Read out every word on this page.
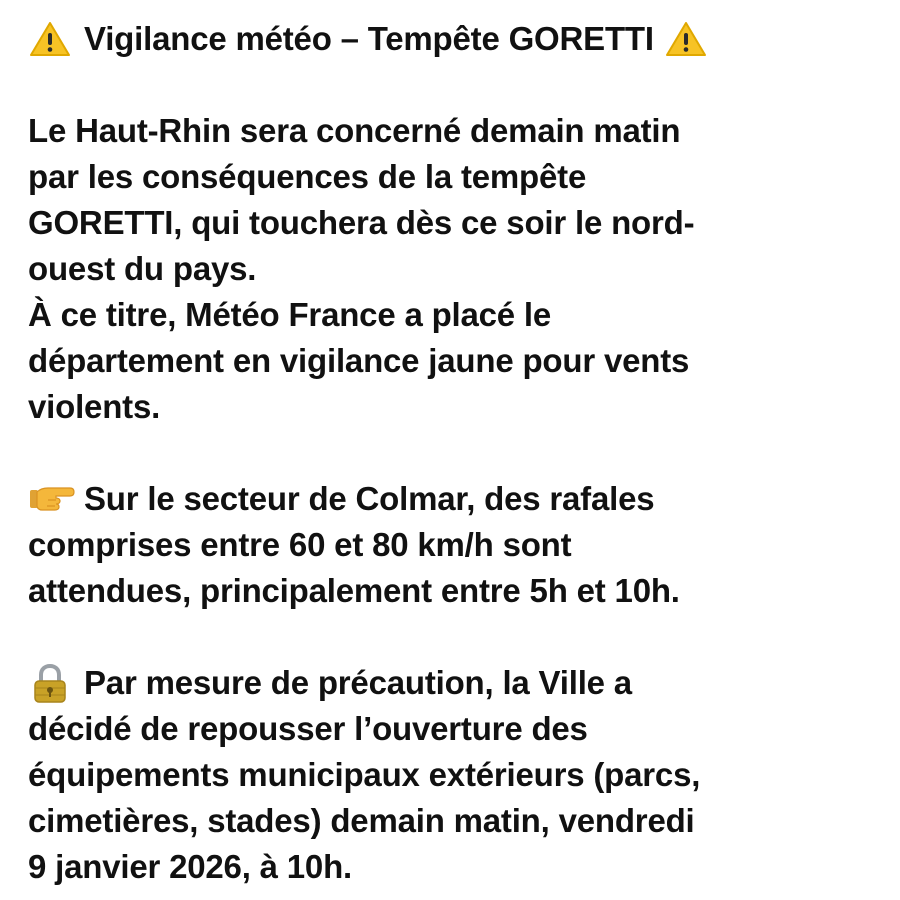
Vigilance météo – Tempête GORETTI
Le Haut-Rhin sera concerné demain matin
par les conséquences de la tempête
GORETTI, qui touchera dès ce soir le nord-
ouest du pays.
À ce titre, Météo France a placé le
département en vigilance jaune pour vents
violents.
Sur le secteur de Colmar, des rafales
comprises entre 60 et 80 km/h sont
attendues, principalement entre 5h et 10h.
Par mesure de précaution, la Ville a
décidé de repousser l’ouverture des
équipements municipaux extérieurs (parcs,
cimetières, stades) demain matin, vendredi
9 janvier 2026, à 10h.
